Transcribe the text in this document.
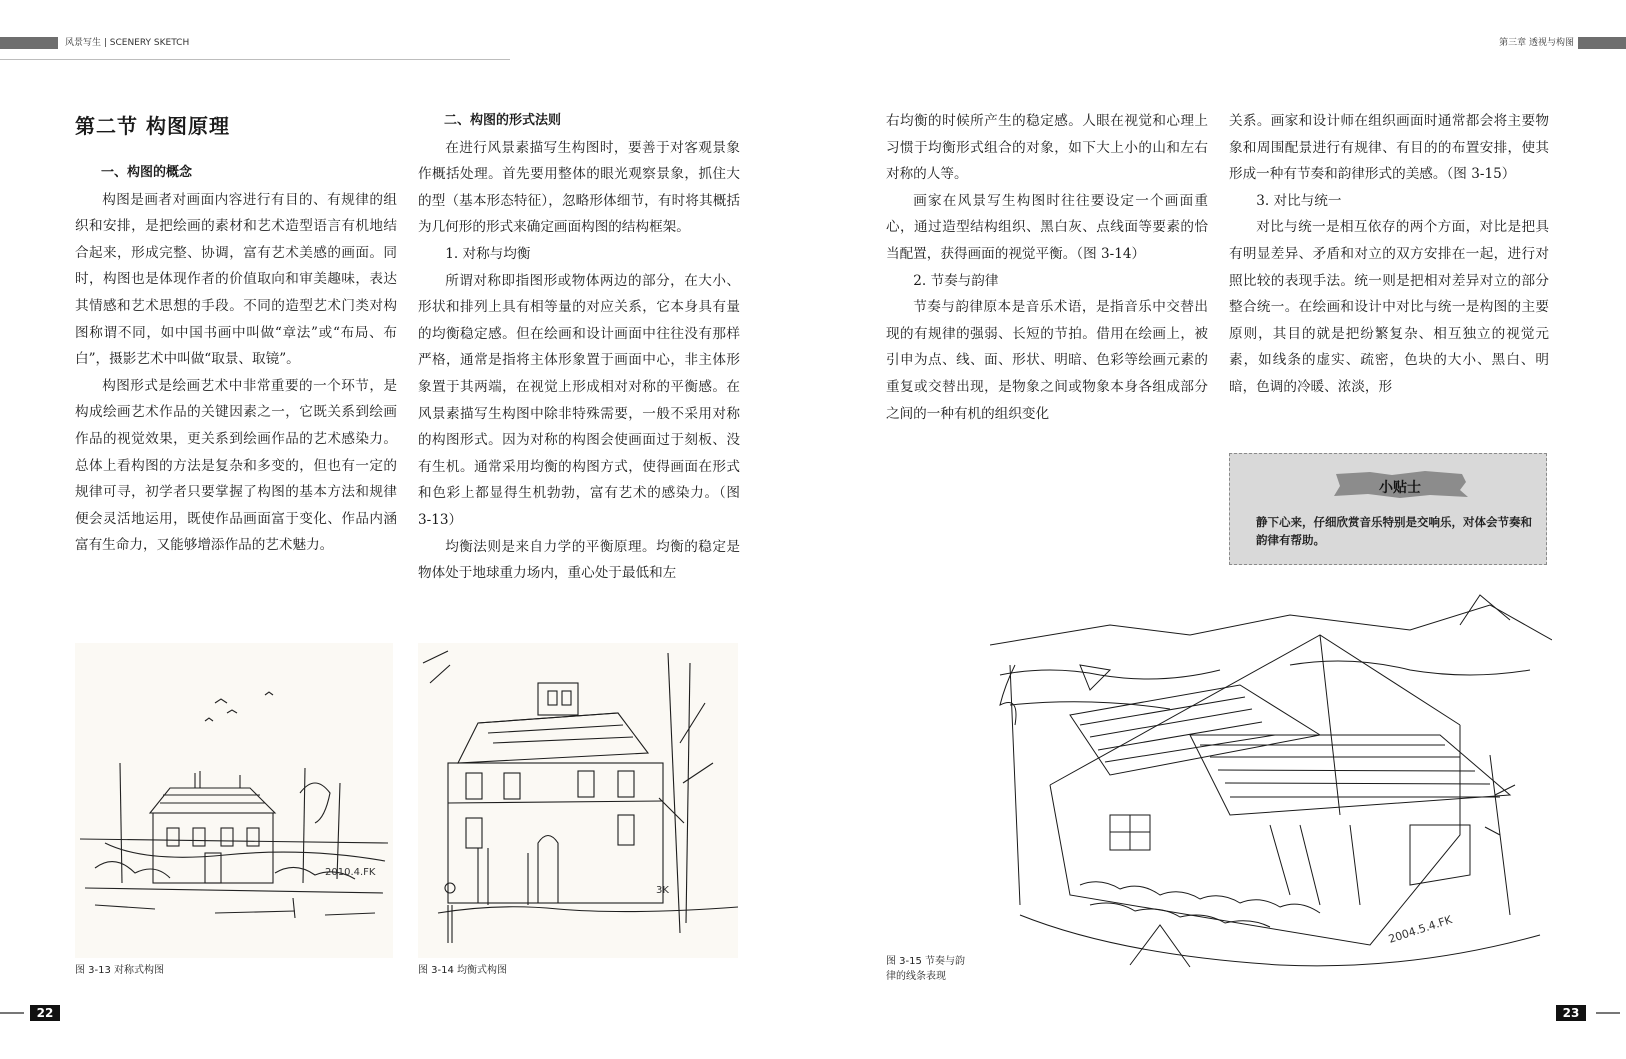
风景写生 | SCENERY SKETCH	第三章 透视与构图
第二节 构图原理
一、构图的概念

构图是画者对画面内容进行有目的、有规律的组织和安排，是把绘画的素材和艺术造型语言有机地结合起来，形成完整、协调，富有艺术美感的画面。同时，构图也是体现作者的价值取向和审美趣味，表达其情感和艺术思想的手段。不同的造型艺术门类对构图称谓不同，如中国书画中叫做“章法”或“布局、布白”，摄影艺术中叫做“取景、取镜”。

构图形式是绘画艺术中非常重要的一个环节，是构成绘画艺术作品的关键因素之一，它既关系到绘画作品的视觉效果，更关系到绘画作品的艺术感染力。总体上看构图的方法是复杂和多变的，但也有一定的规律可寻，初学者只要掌握了构图的基本方法和规律便会灵活地运用，既使作品画面富于变化、作品内涵富有生命力，又能够增添作品的艺术魅力。

二、构图的形式法则

在进行风景素描写生构图时，要善于对客观景象作概括处理。首先要用整体的眼光观察景象，抓住大的型（基本形态特征），忽略形体细节，有时将其概括为几何形的形式来确定画面构图的结构框架。

1. 对称与均衡

所谓对称即指图形或物体两边的部分，在大小、形状和排列上具有相等量的对应关系，它本身具有量的均衡稳定感。但在绘画和设计画面中往往没有那样严格，通常是指将主体形象置于画面中心，非主体形象置于其两端，在视觉上形成相对对称的平衡感。在风景素描写生构图中除非特殊需要，一般不采用对称的构图形式。因为对称的构图会使画面过于刻板、没有生机。通常采用均衡的构图方式，使得画面在形式和色彩上都显得生机勃勃，富有艺术的感染力。（图 3-13）

均衡法则是来自力学的平衡原理。均衡的稳定是物体处于地球重力场内，重心处于最低和左

右均衡的时候所产生的稳定感。人眼在视觉和心理上习惯于均衡形式组合的对象，如下大上小的山和左右对称的人等。

画家在风景写生构图时往往要设定一个画面重心，通过造型结构组织、黑白灰、点线面等要素的恰当配置，获得画面的视觉平衡。（图 3-14）

2. 节奏与韵律

节奏与韵律原本是音乐术语，是指音乐中交替出现的有规律的强弱、长短的节拍。借用在绘画上，被引申为点、线、面、形状、明暗、色彩等绘画元素的重复或交替出现，是物象之间或物象本身各组成部分之间的一种有机的组织变化

关系。画家和设计师在组织画面时通常都会将主要物象和周围配景进行有规律、有目的的布置安排，使其形成一种有节奏和韵律形式的美感。（图 3-15）

3. 对比与统一

对比与统一是相互依存的两个方面，对比是把具有明显差异、矛盾和对立的双方安排在一起，进行对照比较的表现手法。统一则是把相对差异对立的部分整合统一。在绘画和设计中对比与统一是构图的主要原则，其目的就是把纷繁复杂、相互独立的视觉元素，如线条的虚实、疏密，色块的大小、黑白、明暗，色调的冷暖、浓淡，形

小贴士
静下心来，仔细欣赏音乐特别是交响乐，对体会节奏和韵律有帮助。
2010.4.FK
图 3-13 对称式构图
3K
图 3-14 均衡式构图
2004.5.4.FK
图 3-15 节奏与韵
律的线条表现
22	23
